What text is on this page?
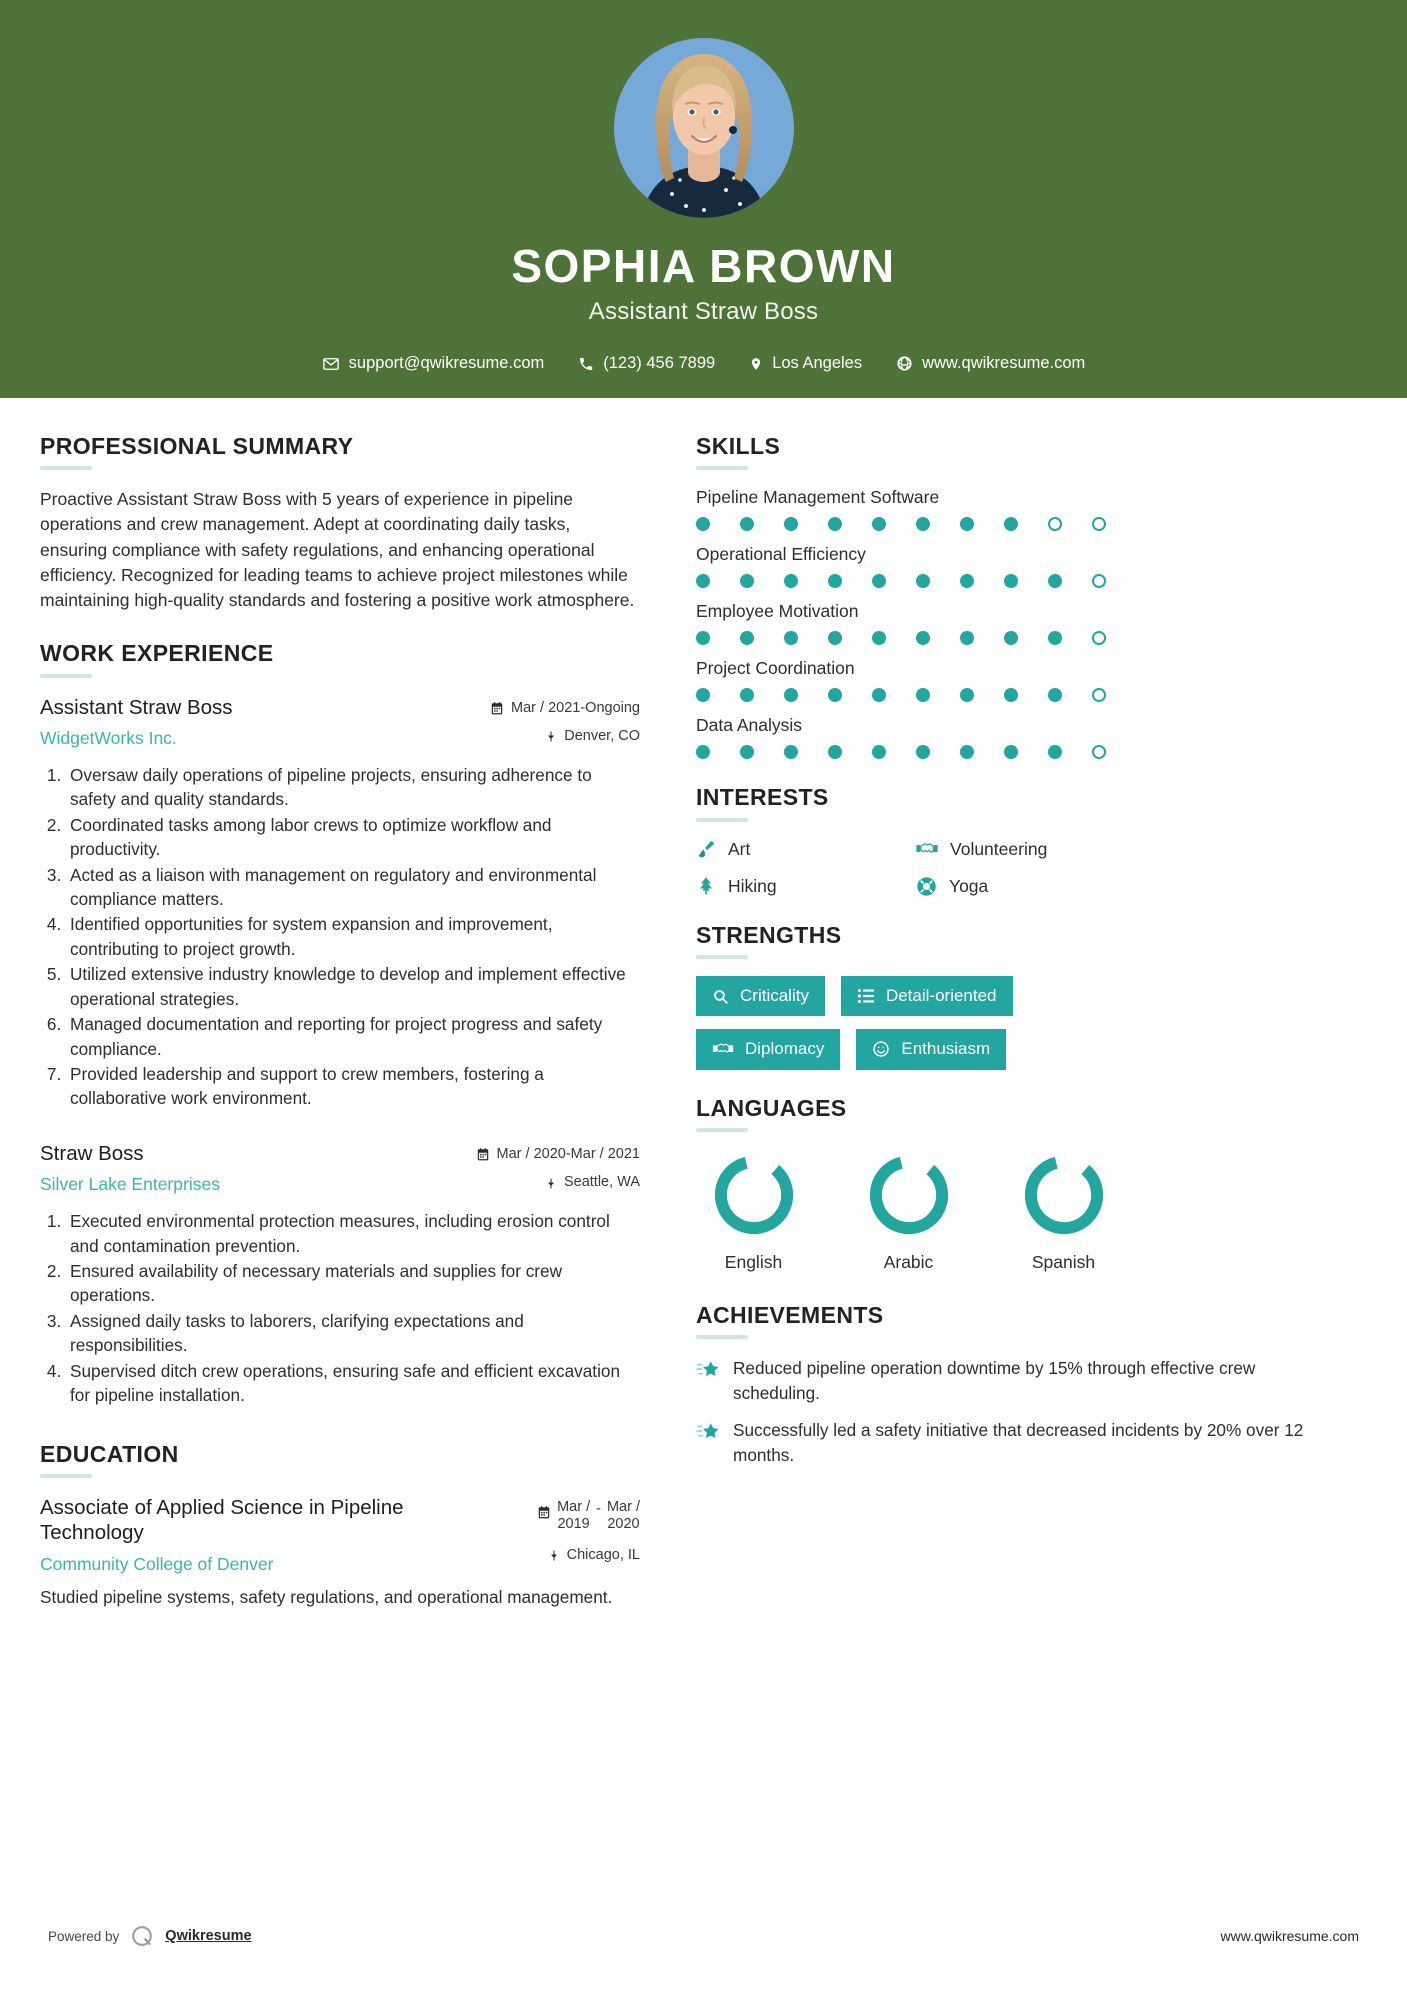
SOPHIA BROWN
Assistant Straw Boss
support@qwikresume.com	(123) 456 7899	Los Angeles	www.qwikresume.com
PROFESSIONAL SUMMARY
Proactive Assistant Straw Boss with 5 years of experience in pipeline operations and crew management. Adept at coordinating daily tasks, ensuring compliance with safety regulations, and enhancing operational efficiency. Recognized for leading teams to achieve project milestones while maintaining high-quality standards and fostering a positive work atmosphere.
WORK EXPERIENCE
Assistant Straw Boss
WidgetWorks Inc.
Mar / 2021-Ongoing
Denver, CO
1. Oversaw daily operations of pipeline projects, ensuring adherence to safety and quality standards.
2. Coordinated tasks among labor crews to optimize workflow and productivity.
3. Acted as a liaison with management on regulatory and environmental compliance matters.
4. Identified opportunities for system expansion and improvement, contributing to project growth.
5. Utilized extensive industry knowledge to develop and implement effective operational strategies.
6. Managed documentation and reporting for project progress and safety compliance.
7. Provided leadership and support to crew members, fostering a collaborative work environment.
Straw Boss
Silver Lake Enterprises
Mar / 2020-Mar / 2021
Seattle, WA
1. Executed environmental protection measures, including erosion control and contamination prevention.
2. Ensured availability of necessary materials and supplies for crew operations.
3. Assigned daily tasks to laborers, clarifying expectations and responsibilities.
4. Supervised ditch crew operations, ensuring safe and efficient excavation for pipeline installation.
EDUCATION
Associate of Applied Science in Pipeline Technology
Community College of Denver
Mar /
2019
- Mar /
2020
Chicago, IL
Studied pipeline systems, safety regulations, and operational management.
SKILLS
Pipeline Management Software
Operational Efficiency
Employee Motivation
Project Coordination
Data Analysis
INTERESTS
Art	Volunteering
Hiking	Yoga
STRENGTHS
Criticality	Detail-oriented
Diplomacy	Enthusiasm
LANGUAGES
English	Arabic	Spanish
ACHIEVEMENTS
Reduced pipeline operation downtime by 15% through effective crew scheduling.
Successfully led a safety initiative that decreased incidents by 20% over 12 months.
Powered by	Qwikresume	www.qwikresume.com
